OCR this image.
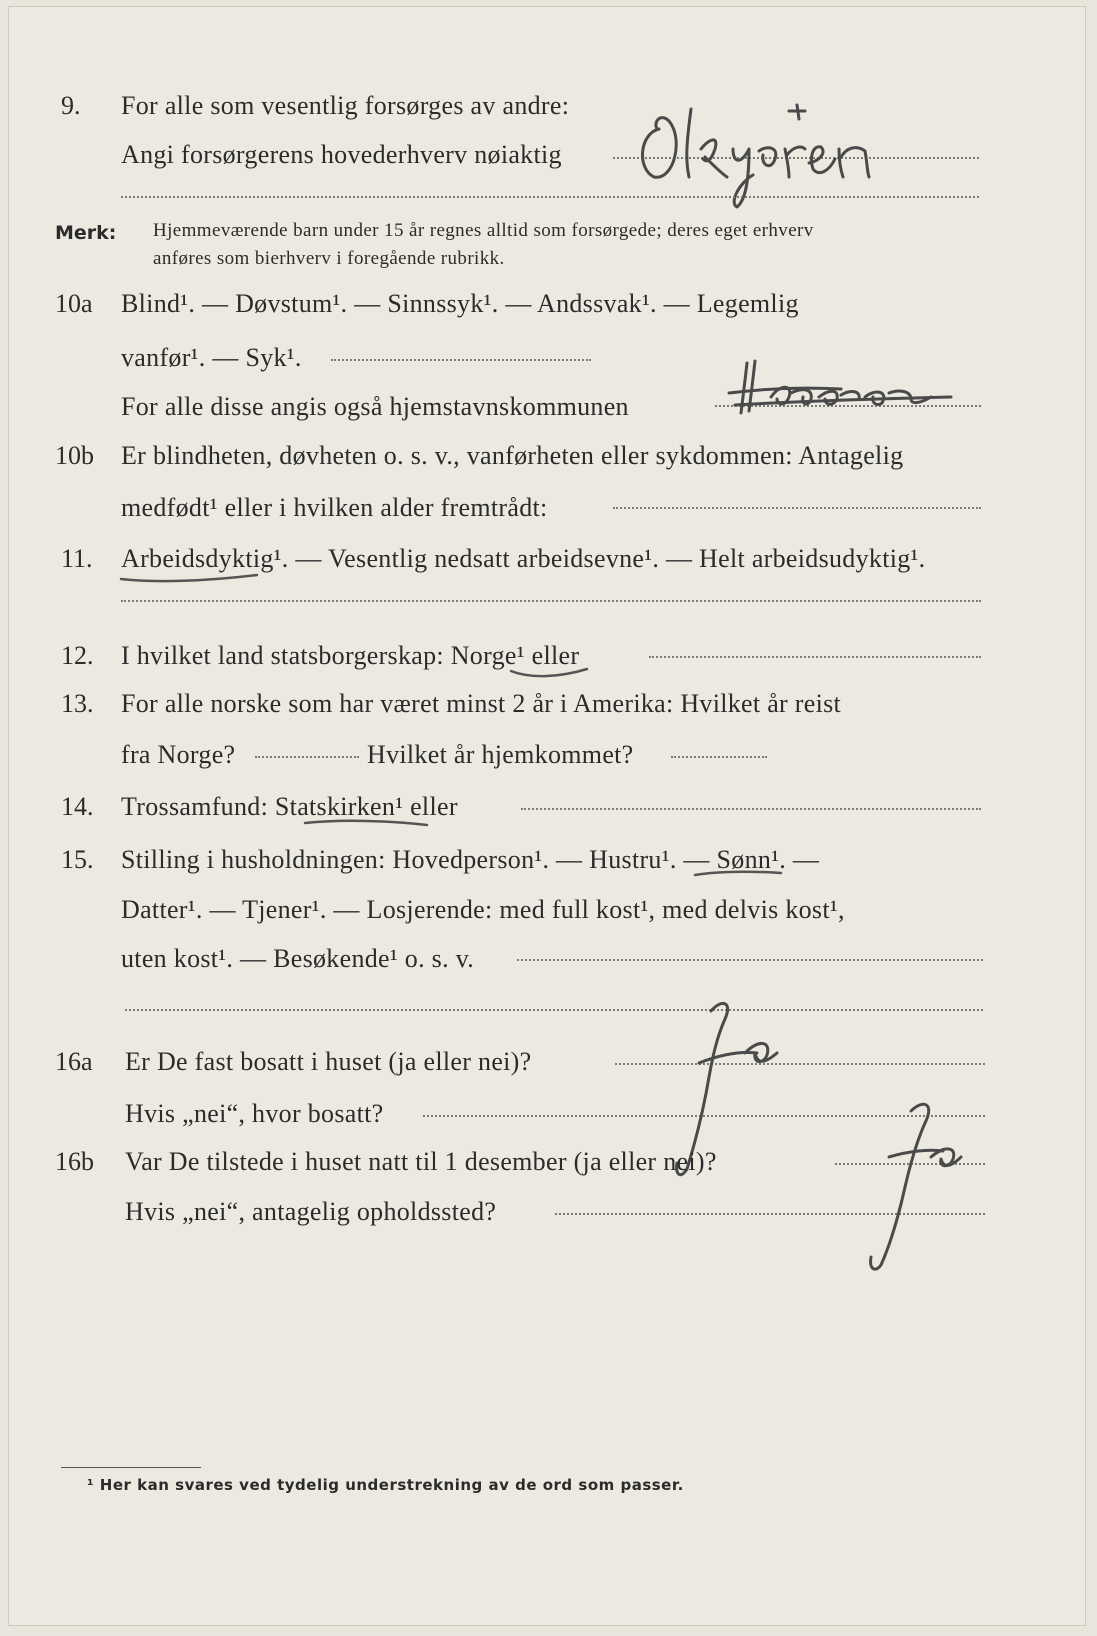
9. For alle som vesentlig forsørges av andre:
Angi forsørgerens hovederhverv nøiaktig
Merk: Hjemmeværende barn under 15 år regnes alltid som forsørgede; deres eget erhverv
anføres som bierhverv i foregående rubrikk.
10a Blind¹. — Døvstum¹. — Sinnssyk¹. — Andssvak¹. — Legemlig
vanfør¹. — Syk¹.
For alle disse angis også hjemstavnskommunen
10b Er blindheten, døvheten o. s. v., vanførheten eller sykdommen: Antagelig
medfødt¹ eller i hvilken alder fremtrådt:
11. Arbeidsdyktig¹. — Vesentlig nedsatt arbeidsevne¹. — Helt arbeidsudyktig¹.
12. I hvilket land statsborgerskap: Norge¹ eller
13. For alle norske som har været minst 2 år i Amerika: Hvilket år reist
fra Norge?	Hvilket år hjemkommet?
14. Trossamfund: Statskirken¹ eller
15. Stilling i husholdningen: Hovedperson¹. — Hustru¹. — Sønn¹. —
Datter¹. — Tjener¹. — Losjerende: med full kost¹, med delvis kost¹,
uten kost¹. — Besøkende¹ o. s. v.
16a Er De fast bosatt i huset (ja eller nei)?
Hvis „nei“, hvor bosatt?
16b Var De tilstede i huset natt til 1 desember (ja eller nei)?
Hvis „nei“, antagelig opholdssted?
¹ Her kan svares ved tydelig understrekning av de ord som passer.
